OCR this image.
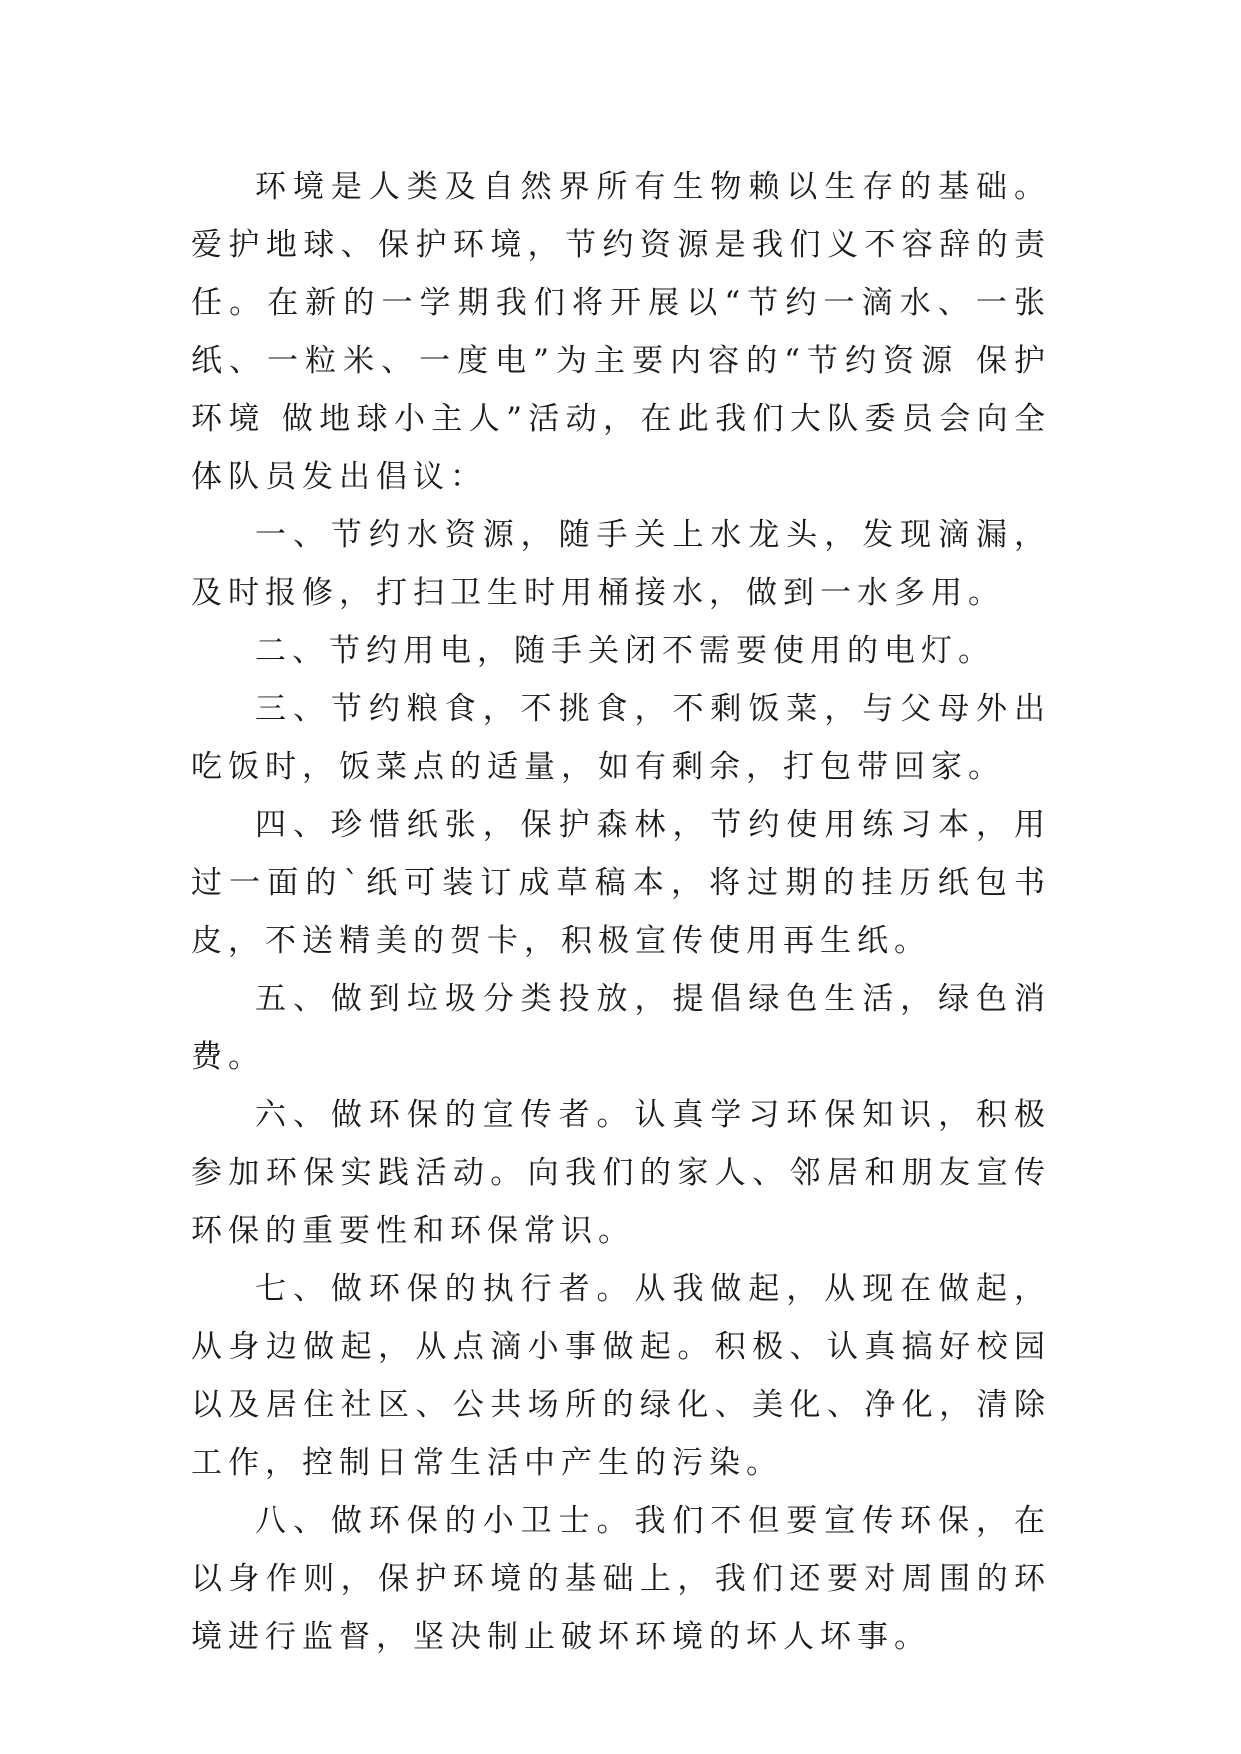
环境是人类及自然界所有生物赖以生存的基础。爱护地球、保护环境，节约资源是我们义不容辞的责任。在新的一学期我们将开展以“节约一滴水、一张纸、一粒米、一度电”为主要内容的“节约资源 保护环境 做地球小主人”活动，在此我们大队委员会向全体队员发出倡议：

一、节约水资源，随手关上水龙头，发现滴漏，及时报修，打扫卫生时用桶接水，做到一水多用。

二、节约用电，随手关闭不需要使用的电灯。

三、节约粮食，不挑食，不剩饭菜，与父母外出吃饭时，饭菜点的适量，如有剩余，打包带回家。

四、珍惜纸张，保护森林，节约使用练习本，用过一面的`纸可装订成草稿本，将过期的挂历纸包书皮，不送精美的贺卡，积极宣传使用再生纸。

五、做到垃圾分类投放，提倡绿色生活，绿色消费。

六、做环保的宣传者。认真学习环保知识，积极参加环保实践活动。向我们的家人、邻居和朋友宣传环保的重要性和环保常识。

七、做环保的执行者。从我做起，从现在做起，从身边做起，从点滴小事做起。积极、认真搞好校园以及居住社区、公共场所的绿化、美化、净化，清除工作，控制日常生活中产生的污染。

八、做环保的小卫士。我们不但要宣传环保，在以身作则，保护环境的基础上，我们还要对周围的环境进行监督，坚决制止破坏环境的坏人坏事。
